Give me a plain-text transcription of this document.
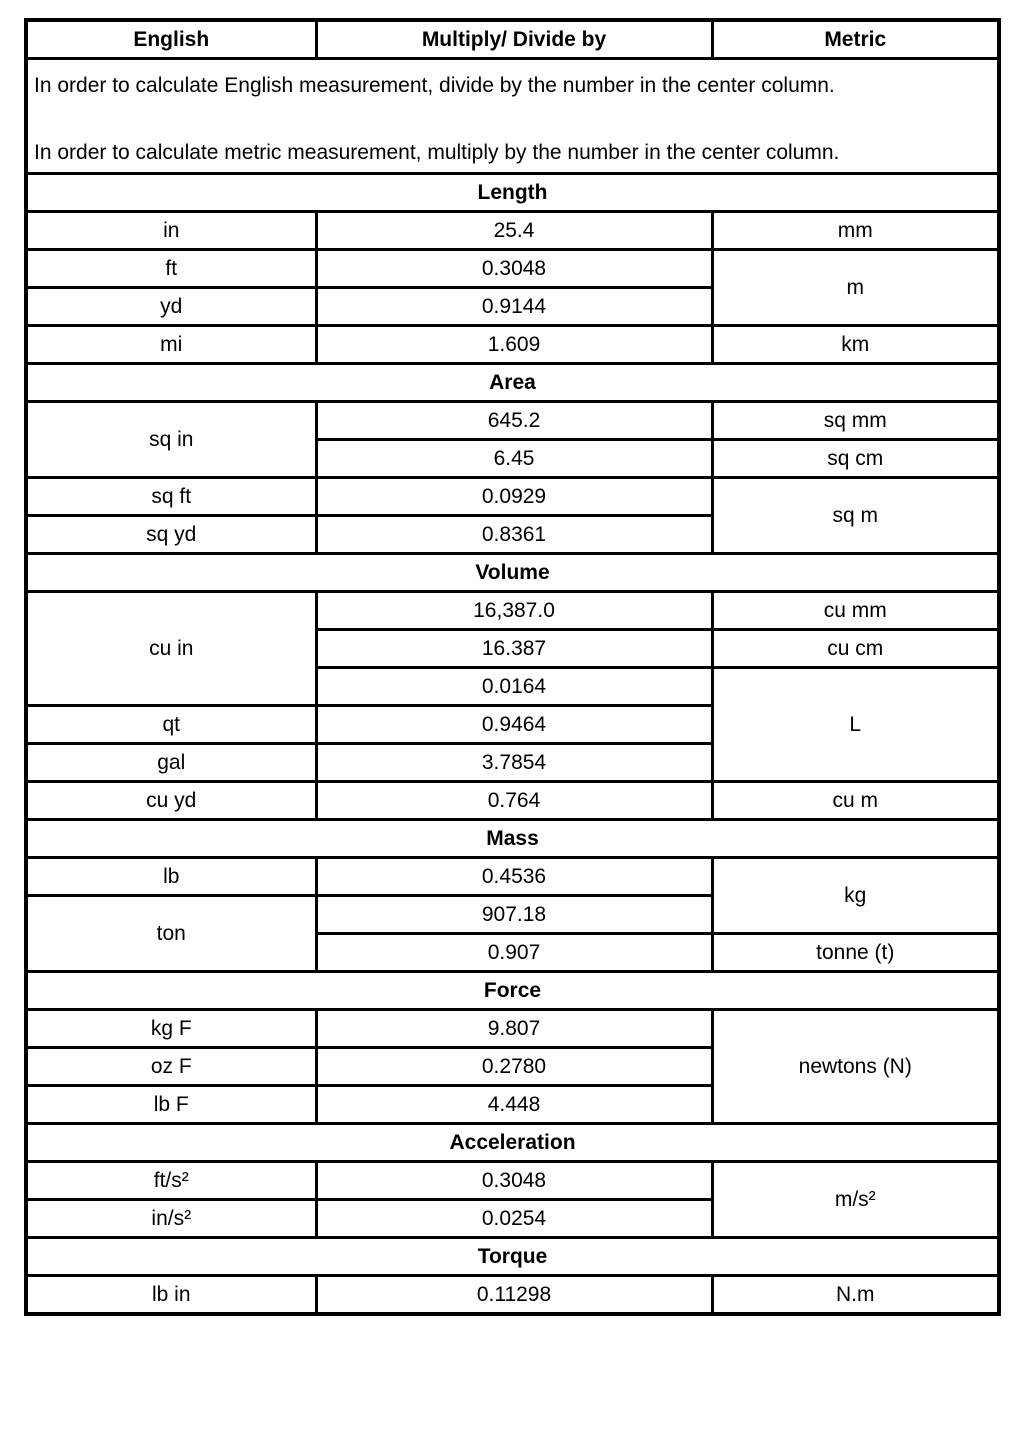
English	Multiply/ Divide by	Metric

In order to calculate English measurement, divide by the number in the center column.
In order to calculate metric measurement, multiply by the number in the center column.		

Length		
in	25.4	mm
ft	0.3048	m
yd	0.9144	
mi	1.609	km
Area		
sq in	645.2	sq mm
	6.45	sq cm
sq ft	0.0929	sq m
sq yd	0.8361	
Volume		
cu in	16,387.0	cu mm
	16.387	cu cm
	0.0164	L
qt	0.9464	
gal	3.7854	
cu yd	0.764	cu m
Mass		
lb	0.4536	kg
ton	907.18	
	0.907	tonne (t)
Force		
kg F	9.807	newtons (N)
oz F	0.2780	
lb F	4.448	
Acceleration		
ft/s²	0.3048	m/s²
in/s²	0.0254	
Torque		
lb in	0.11298	N.m
